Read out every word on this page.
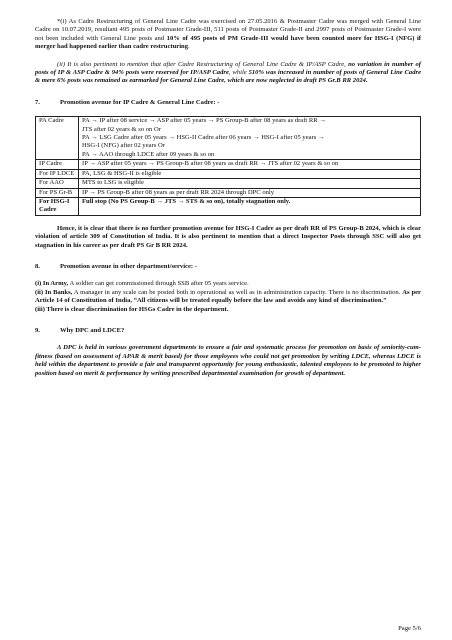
*(i) As Cadre Restructuring of General Line Cadre was exercised on 27.05.2016 & Postmaster Cadre was merged with General Line Cadre on 10.07.2019, resultant 495 posts of Postmaster Grade-III, 511 posts of Postmaster Grade-II and 2997 posts of Postmaster Grade-I were not been included with General Line posts and 10% of 495 posts of PM Grade-III would have been counted more for HSG-I (NFG) if merger had happened earlier than cadre restructuring.

(ii) It is also pertinent to mention that after Cadre Restructuring of General Line Cadre & IP/ASP Cadre, no variation in number of posts of IP & ASP Cadre & 94% posts were reserved for IP/ASP Cadre, while 510% was increased in number of posts of General Line Cadre & mere 6% posts was remained as earmarked for General Line Cadre, which are now neglected in draft PS Gr.B RR 2024.

7.	Promotion avenue for IP Cadre & General Line Cadre: -
PA Cadre	PA → IP after 08 service → ASP after 05 years → PS Group-B after 08 years as draft RR →
JTS after 02 years & so on Or
PA → LSG Cadre after 05 years → HSG-II Cadre after 06 years → HSG-I after 05 years →
HSG-I (NFG) after 02 years Or
PA → AAO through LDCE after 09 years & so on

IP Cadre	IP → ASP after 05 years → PS Group-B after 08 years as draft RR → JTS after 02 years & so on
For IP LDCE	PA, LSG & HSG-II is eligible
For AAO	MTS to LSG is eligible
For PS Gr-B	IP → PS Group-B after 08 years as per draft RR 2024 through DPC only
For HSG-I Cadre	Full stop (No PS Group-B → JTS → STS & so on), totally stagnation only.

Hence, it is clear that there is no further promotion avenue for HSG-I Cadre as per draft RR of PS Group-B 2024, which is clear violation of article 309 of Constitution of India. It is also pertinent to mention that a direct Inspector Posts through SSC will also get stagnation in his career as per draft PS Gr B RR 2024.

8.	Promotion avenue in other department/service: -

(i) In Army, A soldier can get commissioned through SSB after 05 years service.

(ii) In Banks, A manager in any scale can be posted both in operational as well as in administration capacity. There is no discrimination. As per Article 14 of Constitution of India, “All citizens will be treated equally before the law and avoids any kind of discrimination.”

(iii) There is clear discrimination for HSGs Cadre in the department.

9.	Why DPC and LDCE?

A DPC is held in various government departments to ensure a fair and systematic process for promotion on basis of seniority-cum-fitness (based on assessment of APAR & merit based) for those employees who could not get promotion by writing LDCE, whereas LDCE is held within the department to provide a fair and transparent opportunity for young enthusiastic, talented employees to be promoted to higher position based on merit & performance by writing prescribed departmental examination for growth of department.

Page 5/6
